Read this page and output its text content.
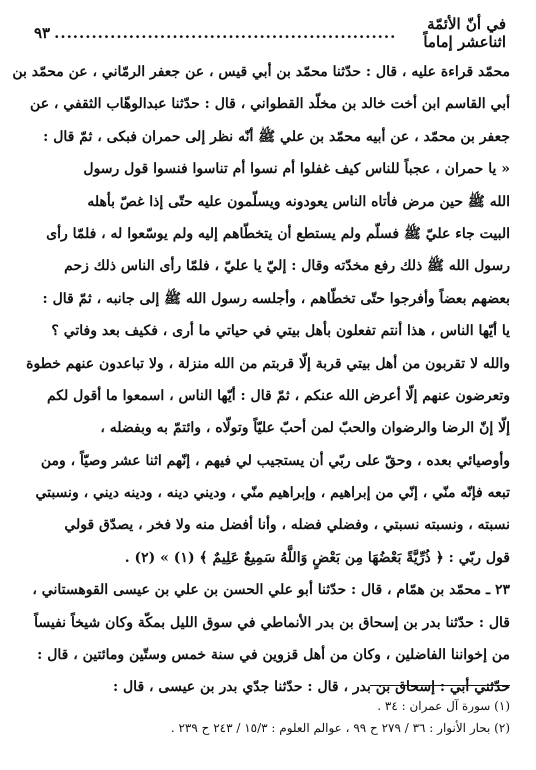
في أنّ الأئمّة اثناعشر إماماً
.......................................................
٩٣
محمّد قراءة عليه ، قال : حدّثنا محمّد بن أبي قيس ، عن جعفر الرمّاني ، عن محمّد بن
أبي القاسم ابن أخت خالد بن مخلّد القطواني ، قال : حدّثنا عبدالوهّاب الثقفي ، عن
جعفر بن محمّد ، عن أبيه محمّد بن علي ﷺ أنّه نظر إلى حمران فبكى ، ثمّ قال :
« يا حمران ، عجباً للناس كيف غفلوا أم نسوا أم تناسوا فنسوا قول رسول
الله ﷺ حين مرض فأتاه الناس يعودونه ويسلّمون عليه حتّى إذا غصّ بأهله
البيت جاء عليّ ﷺ فسلّم ولم يستطع أن يتخطّاهم إليه ولم يوسّعوا له ، فلمّا رأى
رسول الله ﷺ ذلك رفع مخدّته وقال : إليّ يا عليّ ، فلمّا رأى الناس ذلك زحم
بعضهم بعضاً وأفرجوا حتّى تخطّاهم ، وأجلسه رسول الله ﷺ إلى جانبه ، ثمّ قال :
يا أيّها الناس ، هذا أنتم تفعلون بأهل بيتي في حياتي ما أرى ، فكيف بعد وفاتي ؟
والله لا تقربون من أهل بيتي قربة إلّا قربتم من الله منزلة ، ولا تباعدون عنهم خطوة
وتعرضون عنهم إلّا أعرض الله عنكم ، ثمّ قال : أيّها الناس ، اسمعوا ما أقول لكم
إلّا إنّ الرضا والرضوان والحبّ لمن أحبّ عليّاً وتولّاه ، وائتمّ به وبفضله ،
وأوصيائي بعده ، وحقّ على ربّي أن يستجيب لي فيهم ، إنّهم اثنا عشر وصيّاً ، ومن
تبعه فإنّه منّي ، إنّي من إبراهيم ، وإبراهيم منّي ، وديني دينه ، ودينه ديني ، ونسبتي
نسبته ، ونسبته نسبتي ، وفضلي فضله ، وأنا أفضل منه ولا فخر ، يصدّق قولي
قول ربّي : ﴿ ذُرِّيَّةً بَعْضُهَا مِن بَعْضٍ وَاللَّهُ سَمِيعٌ عَلِيمٌ ﴾ (١) » (٢) .
٢٣ ـ محمّد بن همّام ، قال : حدّثنا أبو علي الحسن بن علي بن عيسى القوهستاني ،
قال : حدّثنا بدر بن إسحاق بن بدر الأنماطي في سوق الليل بمكّة وكان شيخاً نفيساً
من إخواننا الفاضلين ، وكان من أهل قزوين في سنة خمس وستّين ومائتين ، قال :
حدّثني أبي : إسحاق بن بدر ، قال : حدّثنا جدّي بدر بن عيسى ، قال :
(١) سورة آل عمران : ٣٤ .
(٢) بحار الأنوار : ٣٦ / ٢٧٩ ح ٩٩ ، عوالم العلوم : ١٥/٣ / ٢٤٣ ح ٢٣٩ .
